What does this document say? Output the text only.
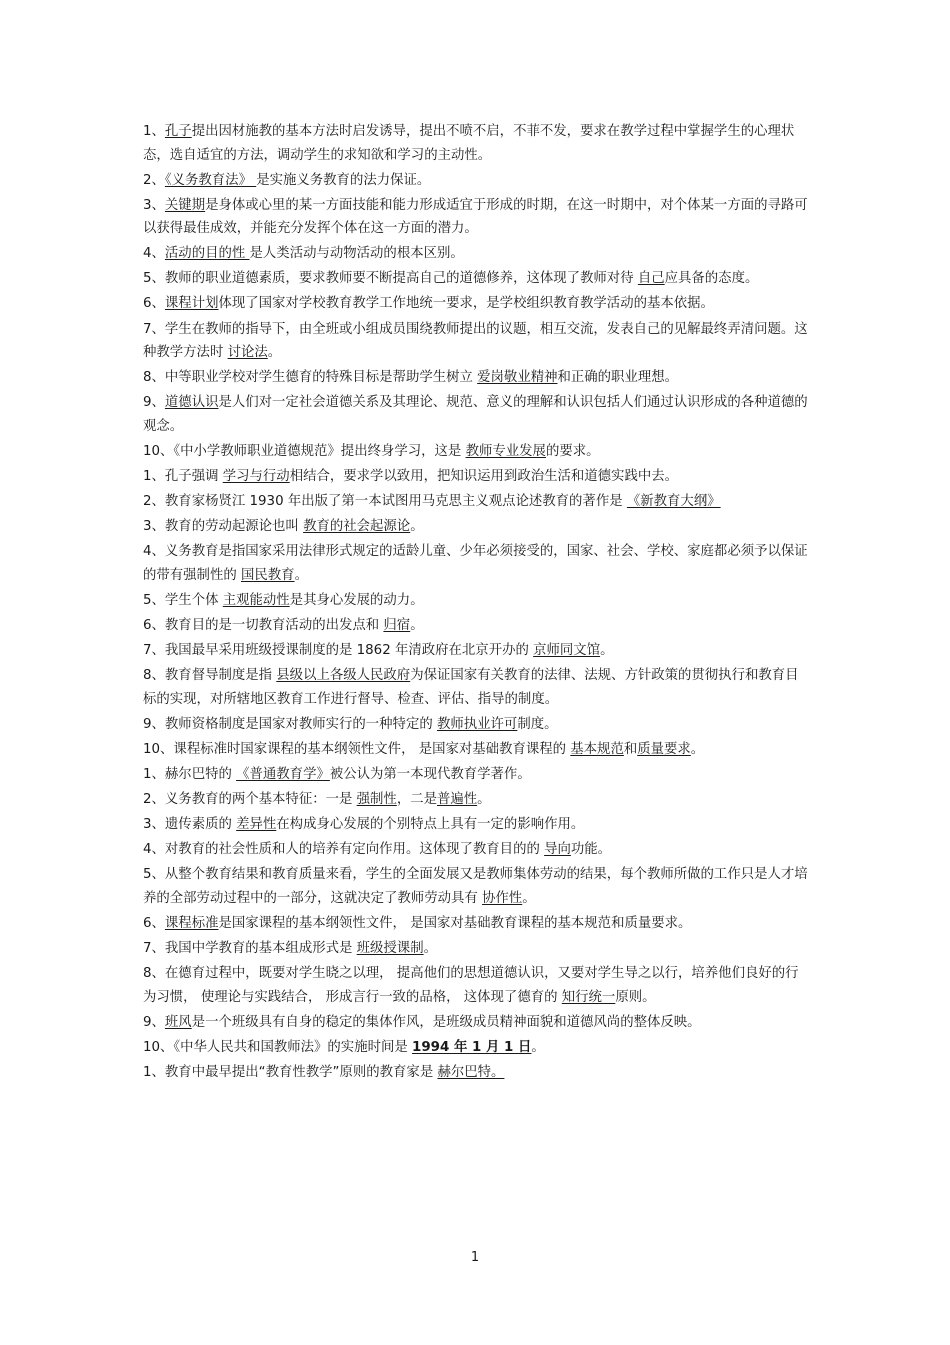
1、孔子提出因材施教的基本方法时启发诱导，提出不喷不启，不菲不发，要求在教学过程中掌握学生的心理状态，选自适宜的方法，调动学生的求知欲和学习的主动性。

2、《义务教育法》 是实施义务教育的法力保证。

3、关键期是身体或心里的某一方面技能和能力形成适宜于形成的时期，在这一时期中，对个体某一方面的寻路可以获得最佳成效，并能充分发挥个体在这一方面的潜力。

4、活动的目的性 是人类活动与动物活动的根本区别。

5、教师的职业道德素质，要求教师要不断提高自己的道德修养，这体现了教师对待 自己应具备的态度。

6、课程计划体现了国家对学校教育教学工作地统一要求，是学校组织教育教学活动的基本依据。

7、学生在教师的指导下，由全班或小组成员围绕教师提出的议题，相互交流，发表自己的见解最终弄清问题。这种教学方法时 讨论法。

8、中等职业学校对学生德育的特殊目标是帮助学生树立 爱岗敬业精神和正确的职业理想。

9、道德认识是人们对一定社会道德关系及其理论、规范、意义的理解和认识包括人们通过认识形成的各种道德的观念。

10、《中小学教师职业道德规范》提出终身学习，这是 教师专业发展的要求。

1、孔子强调 学习与行动相结合，要求学以致用，把知识运用到政治生活和道德实践中去。

2、教育家杨贤江 1930 年出版了第一本试图用马克思主义观点论述教育的著作是 《新教育大纲》

3、教育的劳动起源论也叫 教育的社会起源论。

4、义务教育是指国家采用法律形式规定的适龄儿童、少年必须接受的，国家、社会、学校、家庭都必须予以保证的带有强制性的 国民教育。

5、学生个体 主观能动性是其身心发展的动力。

6、教育目的是一切教育活动的出发点和 归宿。

7、我国最早采用班级授课制度的是 1862 年清政府在北京开办的 京师同文馆。

8、教育督导制度是指 县级以上各级人民政府为保证国家有关教育的法律、法规、方针政策的贯彻执行和教育目标的实现，对所辖地区教育工作进行督导、检查、评估、指导的制度。

9、教师资格制度是国家对教师实行的一种特定的 教师执业许可制度。

10、课程标准时国家课程的基本纲领性文件， 是国家对基础教育课程的 基本规范和质量要求。

1、赫尔巴特的 《普通教育学》被公认为第一本现代教育学著作。

2、义务教育的两个基本特征：一是 强制性，二是普遍性。

3、遗传素质的 差异性在构成身心发展的个别特点上具有一定的影响作用。

4、对教育的社会性质和人的培养有定向作用。这体现了教育目的的 导向功能。

5、从整个教育结果和教育质量来看，学生的全面发展又是教师集体劳动的结果，每个教师所做的工作只是人才培养的全部劳动过程中的一部分，这就决定了教师劳动具有 协作性。

6、课程标准是国家课程的基本纲领性文件， 是国家对基础教育课程的基本规范和质量要求。

7、我国中学教育的基本组成形式是 班级授课制。

8、在德育过程中，既要对学生晓之以理， 提高他们的思想道德认识，又要对学生导之以行，培养他们良好的行为习惯， 使理论与实践结合， 形成言行一致的品格， 这体现了德育的 知行统一原则。

9、班风是一个班级具有自身的稳定的集体作风，是班级成员精神面貌和道德风尚的整体反映。

10、《中华人民共和国教师法》的实施时间是 1994 年 1 月 1 日。

1、教育中最早提出“教育性教学”原则的教育家是 赫尔巴特。

1
